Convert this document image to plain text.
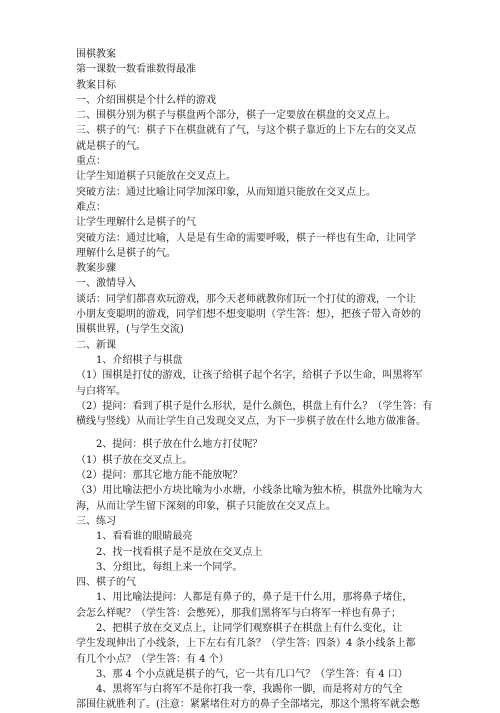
围棋教案
第一课数一数看谁数得最准
教案目标
一、介绍围棋是个什么样的游戏
二、围棋分别为棋子与棋盘两个部分，棋子一定要放在棋盘的交叉点上。
三、棋子的气：棋子下在棋盘就有了气，与这个棋子靠近的上下左右的交叉点
就是棋子的气。
重点：
让学生知道棋子只能放在交叉点上。
突破方法：通过比喻让同学加深印象，从而知道只能放在交叉点上。
难点：
让学生理解什么是棋子的气
突破方法：通过比喻，人是是有生命的需要呼吸，棋子一样也有生命，让同学
理解什么是棋子的气。
教案步骤
一、激情导入
谈话：同学们都喜欢玩游戏，那今天老师就教你们玩一个打仗的游戏，一个让
小朋友变聪明的游戏，同学们想不想变聪明（学生答：想），把孩子带入奇妙的
围棋世界，(与学生交流)
二、新课
1、介绍棋子与棋盘
（1）围棋是打仗的游戏，让孩子给棋子起个名字，给棋子予以生命，叫黑将军
与白将军。
（2）提问：看到了棋子是什么形状，是什么颜色，棋盘上有什么？（学生答：有
横线与竖线）从而让学生自己发现交叉点，为下一步棋子放在什么地方做准备。
2、提问：棋子放在什么地方打仗呢？
（1）棋子放在交叉点上。
（2）提问：那其它地方能不能放呢？
（3）用比喻法把小方块比喻为小水塘，小线条比喻为独木桥，棋盘外比喻为大
海，从而让学生留下深刻的印象，棋子只能放在交叉点上。
三、练习
1、看看谁的眼睛最亮
2、找一找看棋子是不是放在交叉点上
3、分组比，每组上来一个同学。
四、棋子的气
1、用比喻法提问：人都是有鼻子的，鼻子是干什么用，那将鼻子堵住，
会怎么样呢？（学生答：会憋死），那我们黑将军与白将军一样也有鼻子；
2、把棋子放在交叉点上，让同学们观察棋子在棋盘上有什么变化，让
学生发现伸出了小线条，上下左右有几条？（学生答：四条）4 条小线条上都
有几个小点？（学生答：有 4 个）
3、那 4 个小点就是棋子的气，它一共有几口气？（学生答：有 4 口）
4、黑将军与白将军不是你打我一拳，我踢你一脚，而是将对方的气全
部围住就胜利了。(注意：紧紧堵住对方的鼻子全部堵完，那这个黑将军就会憋
